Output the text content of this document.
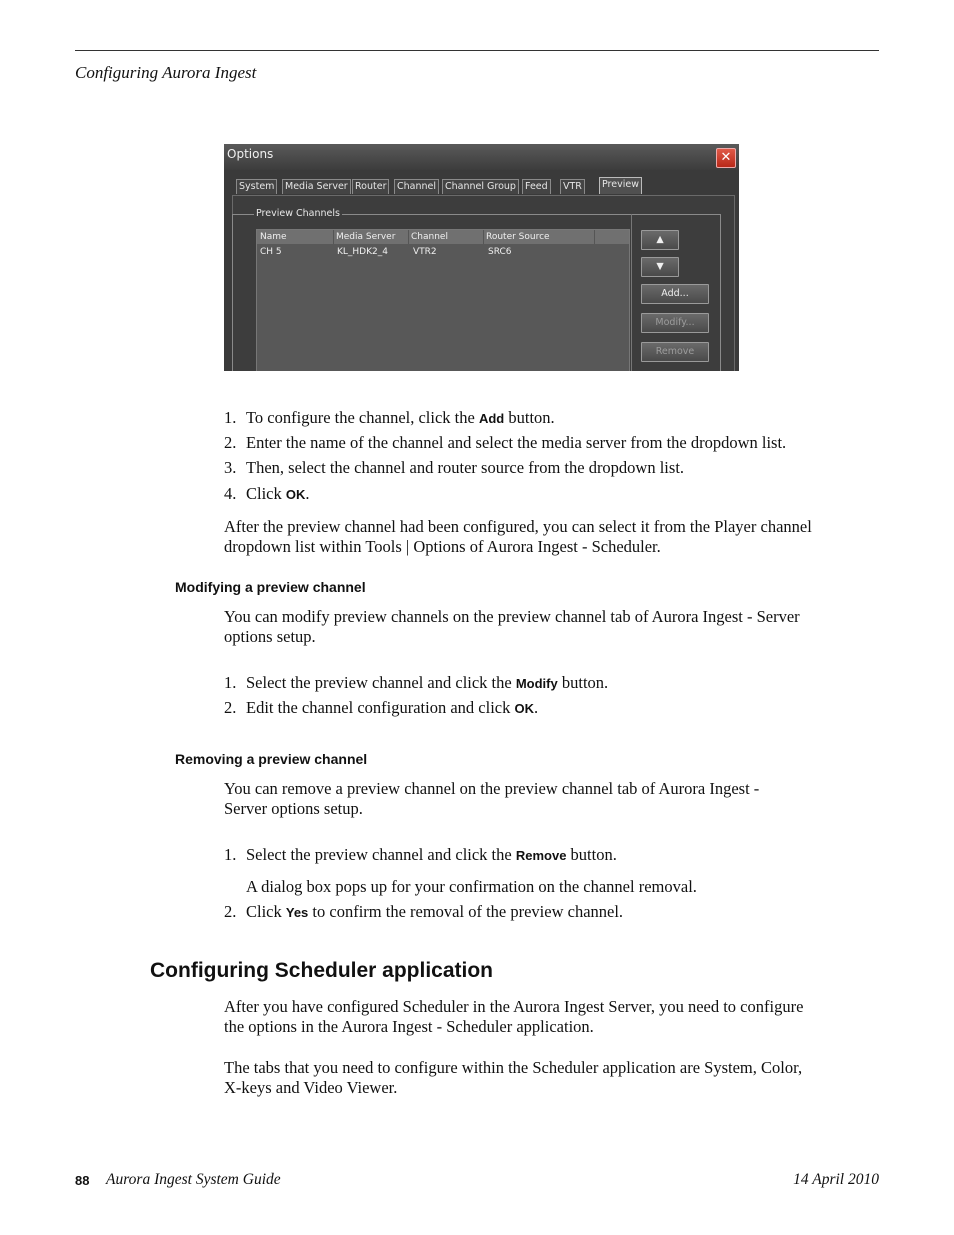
Configuring Aurora Ingest
Options	✕
System	Media Server Router	Channel Channel Group Feed	VTR	Preview
Preview Channels
Name	Media Server	Channel	Router Source
CH 5	KL_HDK2_4	VTR2	SRC6
▲
▼
Add...
Modify...
Remove
1. To configure the channel, click the Add button.
2. Enter the name of the channel and select the media server from the dropdown list.
3. Then, select the channel and router source from the dropdown list.
4. Click OK.
After the preview channel had been configured, you can select it from the Player channel dropdown list within Tools | Options of Aurora Ingest - Scheduler.
Modifying a preview channel
You can modify preview channels on the preview channel tab of Aurora Ingest - Server options setup.
1. Select the preview channel and click the Modify button.
2. Edit the channel configuration and click OK.
Removing a preview channel
You can remove a preview channel on the preview channel tab of Aurora Ingest - Server options setup.
1. Select the preview channel and click the Remove button.
A dialog box pops up for your confirmation on the channel removal.
2. Click Yes to confirm the removal of the preview channel.
Configuring Scheduler application
After you have configured Scheduler in the Aurora Ingest Server, you need to configure the options in the Aurora Ingest - Scheduler application.
The tabs that you need to configure within the Scheduler application are System, Color, X-keys and Video Viewer.
88 Aurora Ingest System Guide	14 April 2010
